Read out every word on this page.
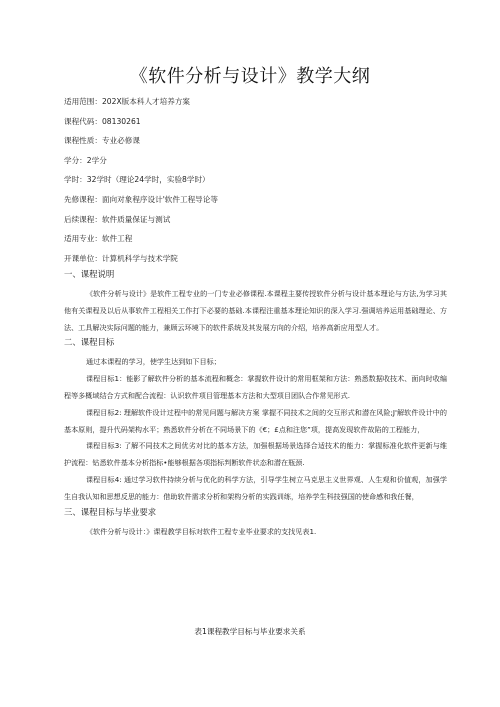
《软件分析与设计》教学大纲
适用范围：202X版本科人才培养方案
课程代码：08130261
课程性质：专业必修课
学分：2学分
学时：32学时（理论24学时，实验8学时）
先修课程：面向对象程序设计'软件工程导论等
后续课程：软件质量保证与测试
适用专业：软件工程
开课单位：计算机科学与技术学院
一、课程说明

《软件分析与设计》是软件工程专业的一门专业必修课程.本课程主要传授软件分析与设计基本理论与方法,为学习其他有关课程及以后从事软件工程相关工作打下必要的基础.本课程注重基本理论知识的深入学习.强调培养运用基础理论、方法、工具解决实际问题的能力，兼顾云环境下的软件系统及其发展方向的介绍，培养高新应用型人才。

二、课程目标

通过本课程的学习，使学生达到如下目标；

课程目标1：能影了解软件分析的基本流程和概念：掌握软件设计的常用框架和方法：熟悉数据收技术、面向时收编程等多概域结合方式和配合流程：认识软件项目管理基本方法和大型项目团队合作常见形式.

课程目标2: 理解软件设计过程中的常见问题与解决方案 掌握不同技术之间的交互形式和潜在风险;J'解软件设计中的基本原则，提升代码架构水平；熟悉软件分析在不同场景下的《€；£点和注您”项，提高发现软件故陷的工程能力，

课程目标3: 了解不同技术之间优劣对比的基本方法，加强根据场景选择合适技术的能力：掌握标准化软件更新与维护流程：钻悉软件基本分析指标•能够根据各项指标判断软件状态和潜在瓶颈.

课程目标4: 通过学习软件持续分析与优化的科学方法，引导学生树立马克思主义世界观、人生观和价值观，加强学生自我认知和思想反思的能力：借助软件需求分析和架构分析的实践训练，培养学生科技强国的使命感和我任餐，

三、课程目标与毕业要求

《软件分析与设计：》课程教学目标对软件工程专业毕业要求的支找见表1.

表1课程教学目标与毕业要求关系
